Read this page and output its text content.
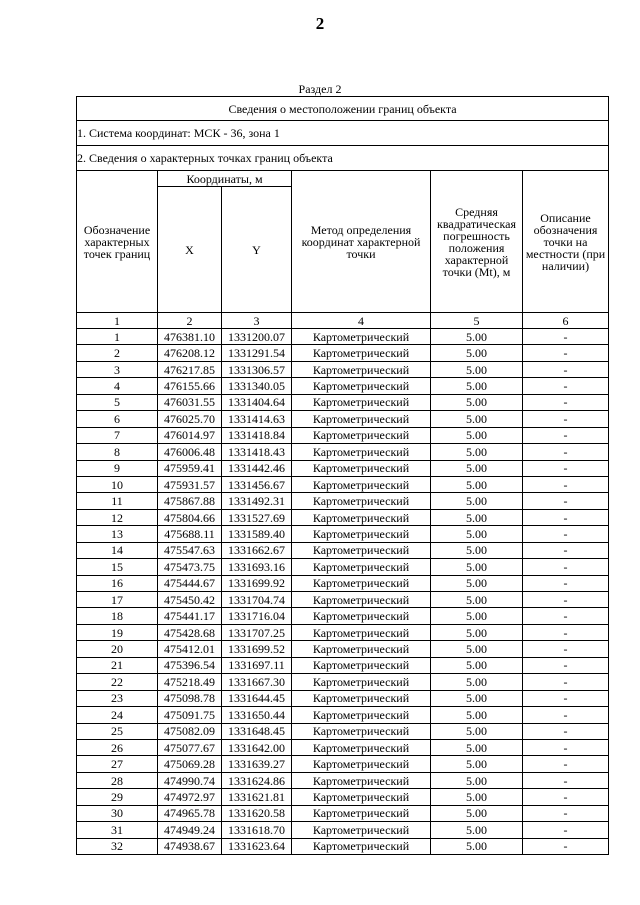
2
Раздел 2
Сведения о местоположении границ объекта					
1. Система координат: МСК - 36, зона 1					
2. Сведения о характерных точках границ объекта					
Обозначение характерных точек границ	Координаты, м		Метод определения координат характерной точки	Средняя квадратическая погрешность положения характерной точки (Mt), м	Описание обозначения точки на местности (при наличии)
	X	Y			
1	2	3	4	5	6
1	476381.10	1331200.07	Картометрический	5.00	-
2	476208.12	1331291.54	Картометрический	5.00	-
3	476217.85	1331306.57	Картометрический	5.00	-
4	476155.66	1331340.05	Картометрический	5.00	-
5	476031.55	1331404.64	Картометрический	5.00	-
6	476025.70	1331414.63	Картометрический	5.00	-
7	476014.97	1331418.84	Картометрический	5.00	-
8	476006.48	1331418.43	Картометрический	5.00	-
9	475959.41	1331442.46	Картометрический	5.00	-
10	475931.57	1331456.67	Картометрический	5.00	-
11	475867.88	1331492.31	Картометрический	5.00	-
12	475804.66	1331527.69	Картометрический	5.00	-
13	475688.11	1331589.40	Картометрический	5.00	-
14	475547.63	1331662.67	Картометрический	5.00	-
15	475473.75	1331693.16	Картометрический	5.00	-
16	475444.67	1331699.92	Картометрический	5.00	-
17	475450.42	1331704.74	Картометрический	5.00	-
18	475441.17	1331716.04	Картометрический	5.00	-
19	475428.68	1331707.25	Картометрический	5.00	-
20	475412.01	1331699.52	Картометрический	5.00	-
21	475396.54	1331697.11	Картометрический	5.00	-
22	475218.49	1331667.30	Картометрический	5.00	-
23	475098.78	1331644.45	Картометрический	5.00	-
24	475091.75	1331650.44	Картометрический	5.00	-
25	475082.09	1331648.45	Картометрический	5.00	-
26	475077.67	1331642.00	Картометрический	5.00	-
27	475069.28	1331639.27	Картометрический	5.00	-
28	474990.74	1331624.86	Картометрический	5.00	-
29	474972.97	1331621.81	Картометрический	5.00	-
30	474965.78	1331620.58	Картометрический	5.00	-
31	474949.24	1331618.70	Картометрический	5.00	-
32	474938.67	1331623.64	Картометрический	5.00	-
